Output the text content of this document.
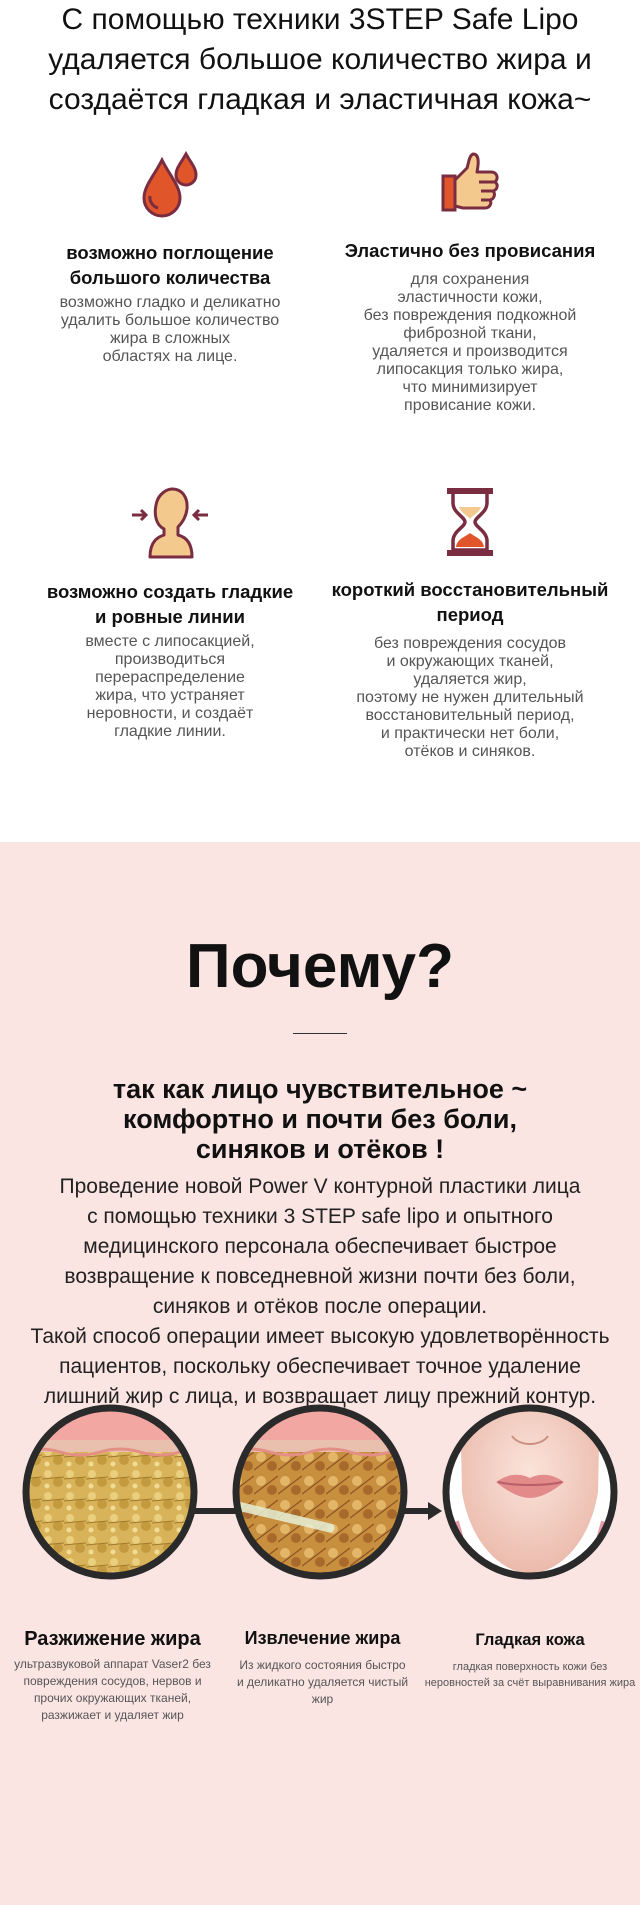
С помощью техники 3STEP Safe Lipo
удаляется большое количество жира и
создаётся гладкая и эластичная кожа~
возможно поглощение
большого количества
возможно гладко и деликатно
удалить большое количество
жира в сложных
областях на лице.
Эластично без провисания
для сохранения
эластичности кожи,
без повреждения подкожной
фиброзной ткани,
удаляется и производится
липосакция только жира,
что минимизирует
провисание кожи.
возможно создать гладкие
и ровные линии
вместе с липосакцией,
производиться
перераспределение
жира, что устраняет
неровности, и создаёт
гладкие линии.
короткий восстановительный
период
без повреждения сосудов
и окружающих тканей,
удаляется жир,
поэтому не нужен длительный
восстановительный период,
и практически нет боли,
отёков и синяков.
Почему?
так как лицо чувствительное ~
комфортно и почти без боли,
синяков и отёков !
Проведение новой Power V контурной пластики лица
с помощью техники 3 STEP safe lipo и опытного
медицинского персонала обеспечивает быстрое
возвращение к повседневной жизни почти без боли,
синяков и отёков после операции.
Такой способ операции имеет высокую удовлетворённость
пациентов, поскольку обеспечивает точное удаление
лишний жир с лица, и возвращает лицу прежний контур.
Разжижение жира
ультразвуковой аппарат Vaser2 без
повреждения сосудов, нервов и
прочих окружающих тканей,
разжижает и удаляет жир
Извлечение жира
Из жидкого состояния быстро
и деликатно удаляется чистый жир
Гладкая кожа
гладкая поверхность кожи без
неровностей за счёт выравнивания жира
